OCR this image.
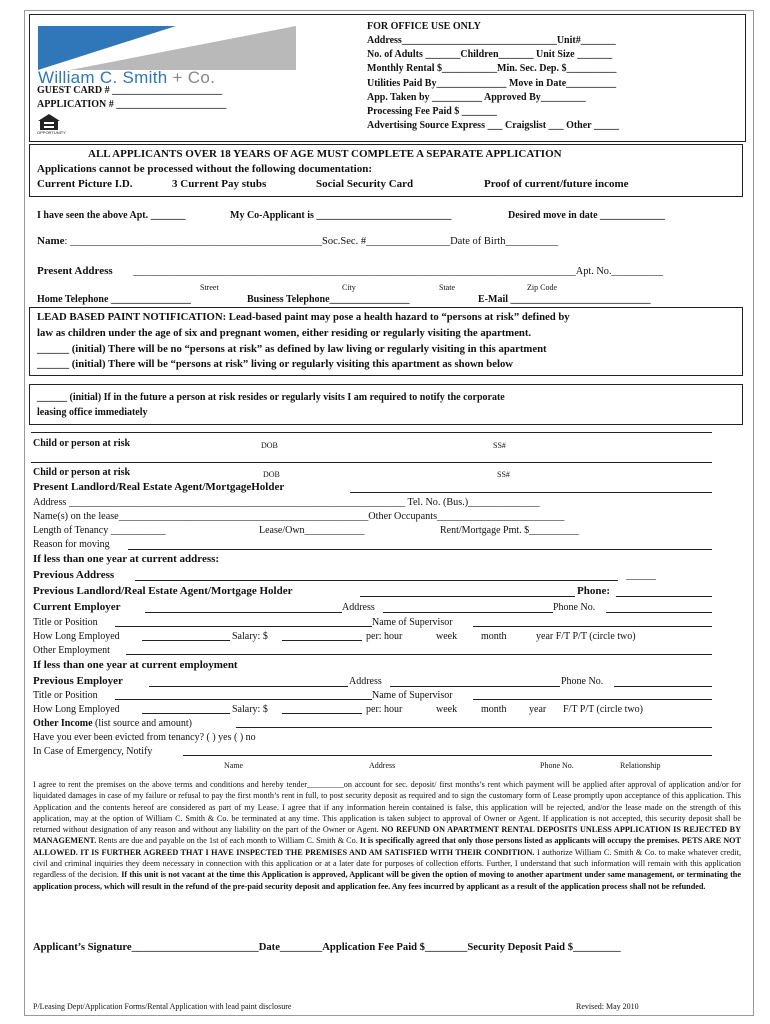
William C. Smith + Co.
GUEST CARD # ______________________
APPLICATION # ______________________
OPPORTUNITY
FOR OFFICE USE ONLY
Address_______________________________Unit#_______
No. of Adults _______Children_______ Unit Size _______
Monthly Rental $___________Min. Sec. Dep. $__________
Utilities Paid By______________ Move in Date__________
App. Taken by __________ Approved By_________
Processing Fee Paid $ _______
Advertising Source Express ___ Craigslist ___ Other _____
ALL APPLICANTS OVER 18 YEARS OF AGE MUST COMPLETE A SEPARATE APPLICATION
Applications cannot be processed without the following documentation:
Current Picture I.D.	3 Current Pay stubs	Social Security Card	Proof of current/future income
I have seen the above Apt. _______	My Co-Applicant is ___________________________	Desired move in date _____________
Name: ________________________________________________Soc.Sec. #________________Date of Birth__________
Present Address ______________________________________________________________________________________Apt. No.__________
Street	City	State	Zip Code
Home Telephone ________________	Business Telephone________________	E-Mail ____________________________
LEAD BASED PAINT NOTIFICATION: Lead-based paint may pose a health hazard to “persons at risk” defined by
law as children under the age of six and pregnant women, either residing or regularly visiting the apartment.
______ (initial) There will be no “persons at risk” as defined by law living or regularly visiting in this apartment
______ (initial) There will be “persons at risk” living or regularly visiting this apartment as shown below
______ (initial) If in the future a person at risk resides or regularly visits I am required to notify the corporate
leasing office immediately
Child or person at risk	DOB	SS#
Child or person at risk	DOB	SS#
Present Landlord/Real Estate Agent/MortgageHolder
Address __________________________________________________________________ Tel. No. (Bus.)______________
Name(s) on the lease_________________________________________________Other Occupants_________________________
Length of Tenancy ___________	Lease/Own____________	Rent/Mortgage Pmt. $__________
Reason for moving
If less than one year at current address:
Previous Address	______
Previous Landlord/Real Estate Agent/Mortgage Holder	Phone:
Current Employer	Address	Phone No.
Title or Position	Name of Supervisor
How Long Employed	Salary: $	per: hour	week month	year F/T P/T (circle two)
Other Employment
If less than one year at current employment
Previous Employer	Address	Phone No.
Title or Position	Name of Supervisor
How Long Employed	Salary: $	per: hour	week month year F/T P/T (circle two)
Other Income (list source and amount)
Have you ever been evicted from tenancy? ( ) yes ( ) no
In Case of Emergency, Notify
Name	Address	Phone No.	Relationship
I agree to rent the premises on the above terms and conditions and hereby tender_________on account for sec. deposit/ first months’s rent which payment will be applied after approval of application and/or for liquidated damages in case of my failure or refusal to pay the first month’s rent in full, to post security deposit as required and to sign the customary form of Lease promptly upon acceptance of this application. This Application and the contents hereof are considered as part of my Lease. I agree that if any information herein contained is false, this application will be rejected, and/or the lease made on the strength of this application, may at the option of William C. Smith & Co. be terminated at any time. This application is taken subject to approval of Owner or Agent. If application is not accepted, this security deposit shall be returned without designation of any reason and without any liability on the part of the Owner or Agent. NO REFUND ON APARTMENT RENTAL DEPOSITS UNLESS APPLICATION IS REJECTED BY MANAGEMENT. Rents are due and payable on the 1st of each month to William C. Smith & Co. It is specifically agreed that only those persons listed as applicants will occupy the premises. PETS ARE NOT ALLOWED. IT IS FURTHER AGREED THAT I HAVE INSPECTED THE PREMISES AND AM SATISFIED WITH THEIR CONDITION. I authorize William C. Smith & Co. to make whatever credit, civil and criminal inquiries they deem necessary in connection with this application or at a later date for purposes of collection efforts. Further, I understand that such information will remain with this application regardless of the decision. If this unit is not vacant at the time this Application is approved, Applicant will be given the option of moving to another apartment under same management, or terminating the application process, which will result in the refund of the pre-paid security deposit and application fee. Any fees incurred by applicant as a result of the application process shall not be refunded.
Applicant’s Signature________________________Date________Application Fee Paid $________Security Deposit Paid $_________
P/Leasing Dept/Application Forms/Rental Application with lead paint disclosure	Revised: May 2010
